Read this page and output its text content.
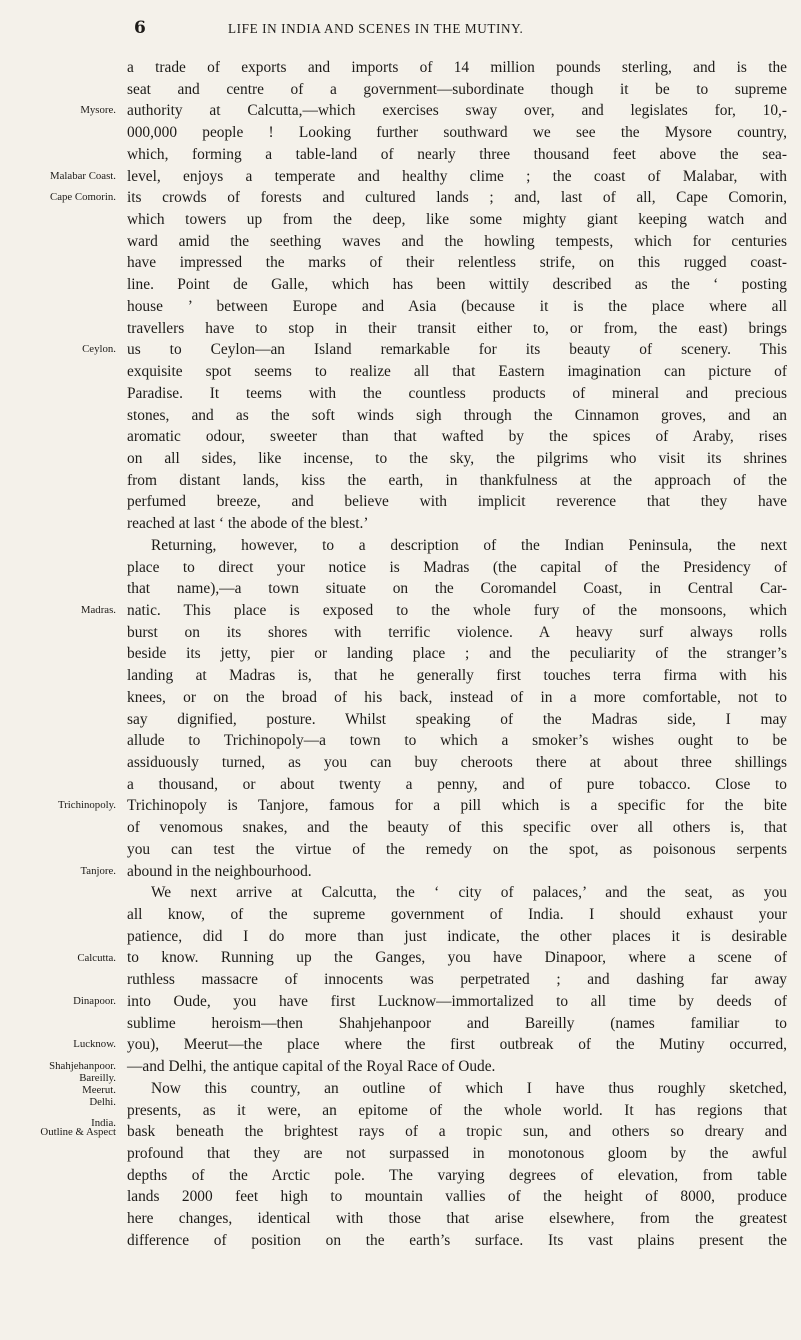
6	LIFE IN INDIA AND SCENES IN THE MUTINY.
Mysore.
Malabar Coast.
Cape Comorin.
Ceylon.
Madras.
Trichinopoly.
Tanjore.
Calcutta.
Dinapoor.
Lucknow.
Shahjehanpoor.
Bareilly.
Meerut.
Delhi.
India.
Outline & Aspect
a trade of exports and imports of 14 million pounds sterling, and is the
seat and centre of a government—subordinate though it be to supreme
authority at Calcutta,—which exercises sway over, and legislates for, 10,-
000,000 people ! Looking further southward we see the Mysore country,
which, forming a table-land of nearly three thousand feet above the sea-
level, enjoys a temperate and healthy clime ; the coast of Malabar, with
its crowds of forests and cultured lands ; and, last of all, Cape Comorin,
which towers up from the deep, like some mighty giant keeping watch and
ward amid the seething waves and the howling tempests, which for centuries
have impressed the marks of their relentless strife, on this rugged coast-
line. Point de Galle, which has been wittily described as the ‘ posting
house ’ between Europe and Asia (because it is the place where all
travellers have to stop in their transit either to, or from, the east) brings
us to Ceylon—an Island remarkable for its beauty of scenery. This
exquisite spot seems to realize all that Eastern imagination can picture of
Paradise. It teems with the countless products of mineral and precious
stones, and as the soft winds sigh through the Cinnamon groves, and an
aromatic odour, sweeter than that wafted by the spices of Araby, rises
on all sides, like incense, to the sky, the pilgrims who visit its shrines
from distant lands, kiss the earth, in thankfulness at the approach of the
perfumed breeze, and believe with implicit reverence that they have
reached at last ‘ the abode of the blest.’
Returning, however, to a description of the Indian Peninsula, the next
place to direct your notice is Madras (the capital of the Presidency of
that name),—a town situate on the Coromandel Coast, in Central Car-
natic. This place is exposed to the whole fury of the monsoons, which
burst on its shores with terrific violence. A heavy surf always rolls
beside its jetty, pier or landing place ; and the peculiarity of the stranger’s
landing at Madras is, that he generally first touches terra firma with his
knees, or on the broad of his back, instead of in a more comfortable, not to
say dignified, posture. Whilst speaking of the Madras side, I may
allude to Trichinopoly—a town to which a smoker’s wishes ought to be
assiduously turned, as you can buy cheroots there at about three shillings
a thousand, or about twenty a penny, and of pure tobacco. Close to
Trichinopoly is Tanjore, famous for a pill which is a specific for the bite
of venomous snakes, and the beauty of this specific over all others is, that
you can test the virtue of the remedy on the spot, as poisonous serpents
abound in the neighbourhood.
We next arrive at Calcutta, the ‘ city of palaces,’ and the seat, as you
all know, of the supreme government of India. I should exhaust your
patience, did I do more than just indicate, the other places it is desirable
to know. Running up the Ganges, you have Dinapoor, where a scene of
ruthless massacre of innocents was perpetrated ; and dashing far away
into Oude, you have first Lucknow—immortalized to all time by deeds of
sublime heroism—then Shahjehanpoor and Bareilly (names familiar to
you), Meerut—the place where the first outbreak of the Mutiny occurred,
—and Delhi, the antique capital of the Royal Race of Oude.
Now this country, an outline of which I have thus roughly sketched,
presents, as it were, an epitome of the whole world. It has regions that
bask beneath the brightest rays of a tropic sun, and others so dreary and
profound that they are not surpassed in monotonous gloom by the awful
depths of the Arctic pole. The varying degrees of elevation, from table
lands 2000 feet high to mountain vallies of the height of 8000, produce
here changes, identical with those that arise elsewhere, from the greatest
difference of position on the earth’s surface. Its vast plains present the
